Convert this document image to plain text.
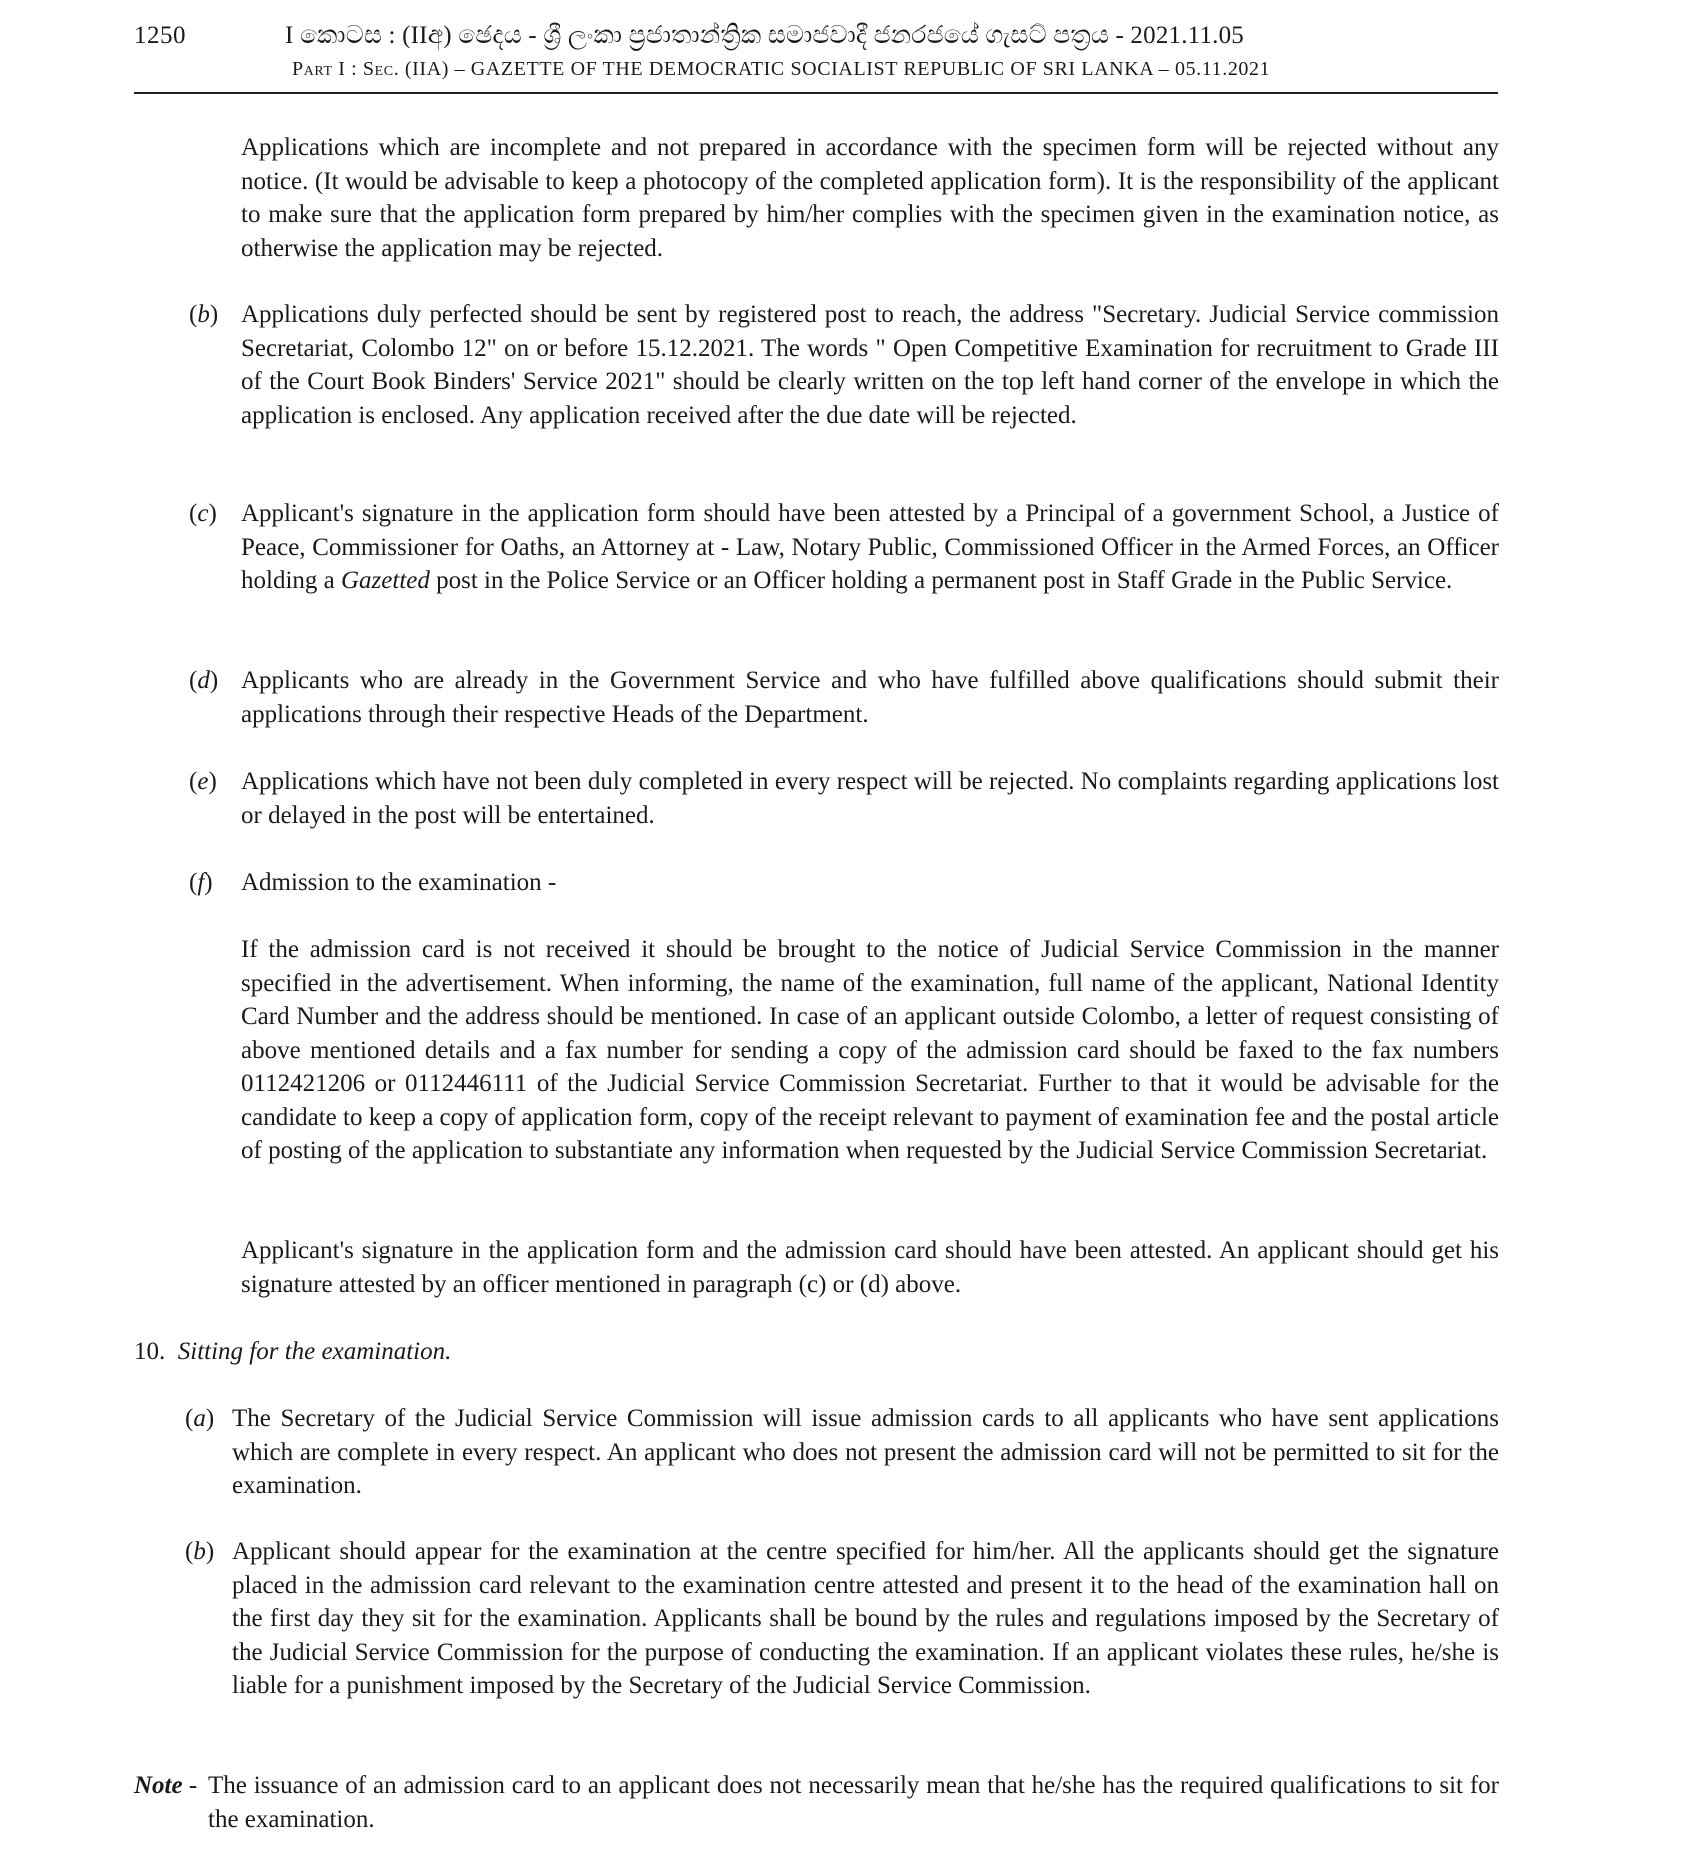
1250	I කොටස : (IIඅ) ඡෙදය - ශ්‍රී ලංකා ප්‍රජාතාන්ත්‍රික සමාජවාදී ජනරජයේ ගැසට් පත්‍රය - 2021.11.05
Part I : Sec. (IIA) – GAZETTE OF THE DEMOCRATIC SOCIALIST REPUBLIC OF SRI LANKA – 05.11.2021
Applications which are incomplete and not prepared in accordance with the specimen form will be rejected without any notice. (It would be advisable to keep a photocopy of the completed application form). It is the responsibility of the applicant to make sure that the application form prepared by him/her complies with the specimen given in the examination notice, as otherwise the application may be rejected.
(b) Applications duly perfected should be sent by registered post to reach, the address "Secretary. Judicial Service commission Secretariat, Colombo 12" on or before 15.12.2021. The words " Open Competitive Examination for recruitment to Grade III of the Court Book Binders' Service 2021" should be clearly written on the top left hand corner of the envelope in which the application is enclosed. Any application received after the due date will be rejected.
(c) Applicant's signature in the application form should have been attested by a Principal of a government School, a Justice of Peace, Commissioner for Oaths, an Attorney at - Law, Notary Public, Commissioned Officer in the Armed Forces, an Officer holding a Gazetted post in the Police Service or an Officer holding a permanent post in Staff Grade in the Public Service.
(d) Applicants who are already in the Government Service and who have fulfilled above qualifications should submit their applications through their respective Heads of the Department.
(e) Applications which have not been duly completed in every respect will be rejected. No complaints regarding applications lost or delayed in the post will be entertained.
(f) Admission to the examination -
If the admission card is not received it should be brought to the notice of Judicial Service Commission in the manner specified in the advertisement. When informing, the name of the examination, full name of the applicant, National Identity Card Number and the address should be mentioned. In case of an applicant outside Colombo, a letter of request consisting of above mentioned details and a fax number for sending a copy of the admission card should be faxed to the fax numbers 0112421206 or 0112446111 of the Judicial Service Commission Secretariat. Further to that it would be advisable for the candidate to keep a copy of application form, copy of the receipt relevant to payment of examination fee and the postal article of posting of the application to substantiate any information when requested by the Judicial Service Commission Secretariat.
Applicant's signature in the application form and the admission card should have been attested. An applicant should get his signature attested by an officer mentioned in paragraph (c) or (d) above.
10. Sitting for the examination.
(a) The Secretary of the Judicial Service Commission will issue admission cards to all applicants who have sent applications which are complete in every respect. An applicant who does not present the admission card will not be permitted to sit for the examination.
(b) Applicant should appear for the examination at the centre specified for him/her. All the applicants should get the signature placed in the admission card relevant to the examination centre attested and present it to the head of the examination hall on the first day they sit for the examination. Applicants shall be bound by the rules and regulations imposed by the Secretary of the Judicial Service Commission for the purpose of conducting the examination. If an applicant violates these rules, he/she is liable for a punishment imposed by the Secretary of the Judicial Service Commission.
Note - The issuance of an admission card to an applicant does not necessarily mean that he/she has the required qualifications to sit for the examination.
